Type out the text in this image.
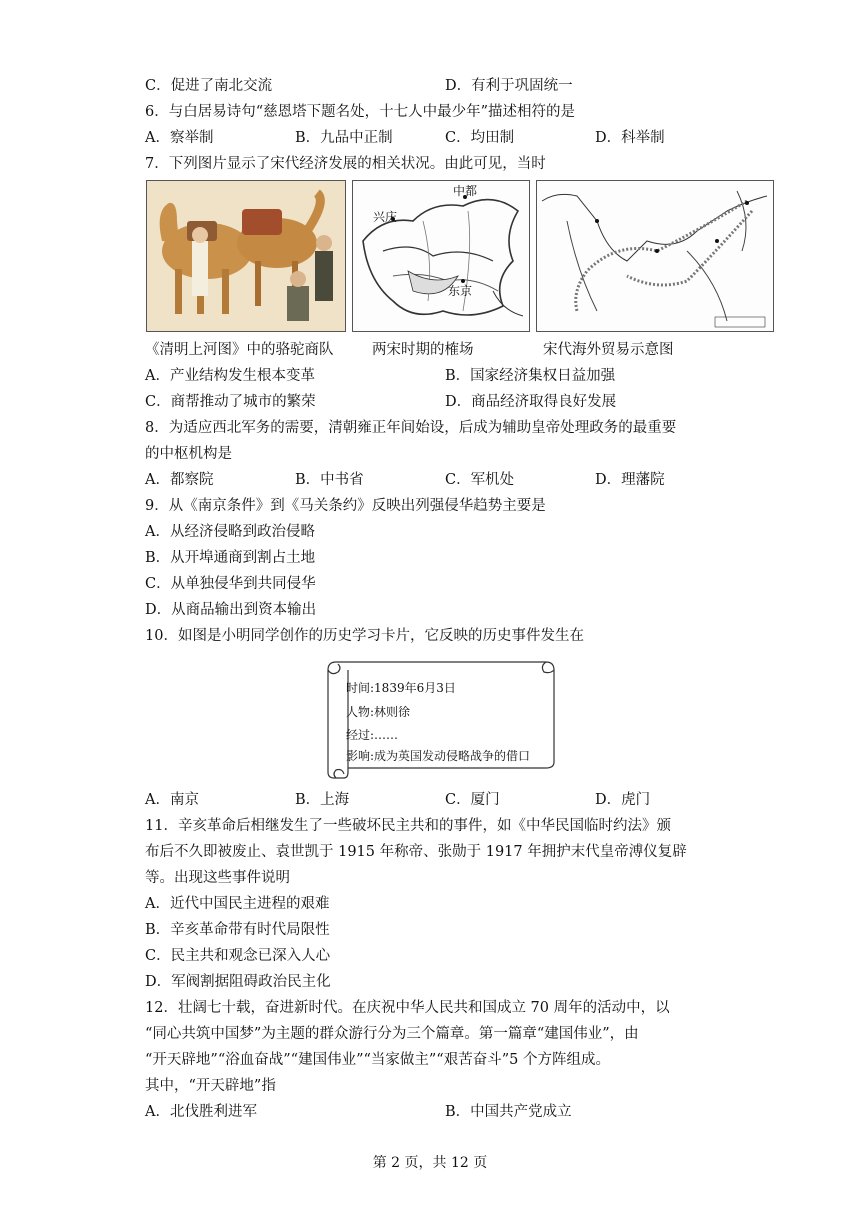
C．促进了南北交流	D．有利于巩固统一
6．与白居易诗句“慈恩塔下题名处，十七人中最少年”描述相符的是
A．察举制	B．九品中正制	C．均田制	D．科举制
7．下列图片显示了宋代经济发展的相关状况。由此可见，当时
兴庆
中都
东京
《清明上河图》中的骆驼商队	两宋时期的榷场	宋代海外贸易示意图
A．产业结构发生根本变革	B．国家经济集权日益加强
C．商帮推动了城市的繁荣	D．商品经济取得良好发展
8．为适应西北军务的需要，清朝雍正年间始设，后成为辅助皇帝处理政务的最重要
的中枢机构是
A．都察院	B．中书省	C．军机处	D．理藩院
9．从《南京条件》到《马关条约》反映出列强侵华趋势主要是
A．从经济侵略到政治侵略
B．从开埠通商到割占土地
C．从单独侵华到共同侵华
D．从商品输出到资本输出
10．如图是小明同学创作的历史学习卡片，它反映的历史事件发生在
时间:1839年6月3日
人物:林则徐
经过:……
影响:成为英国发动侵略战争的借口
A．南京	B．上海	C．厦门	D．虎门
11．辛亥革命后相继发生了一些破坏民主共和的事件，如《中华民国临时约法》颁
布后不久即被废止、袁世凯于 1915 年称帝、张勋于 1917 年拥护末代皇帝溥仪复辟
等。出现这些事件说明
A．近代中国民主进程的艰难
B．辛亥革命带有时代局限性
C．民主共和观念已深入人心
D．军阀割据阻碍政治民主化
12．壮阔七十载，奋进新时代。在庆祝中华人民共和国成立 70 周年的活动中，以
“同心共筑中国梦”为主题的群众游行分为三个篇章。第一篇章“建国伟业”，由
“开天辟地”“浴血奋战”“建国伟业”“当家做主”“艰苦奋斗”5 个方阵组成。
其中，“开天辟地”指
A．北伐胜利进军	B．中国共产党成立
第 2 页，共 12 页
